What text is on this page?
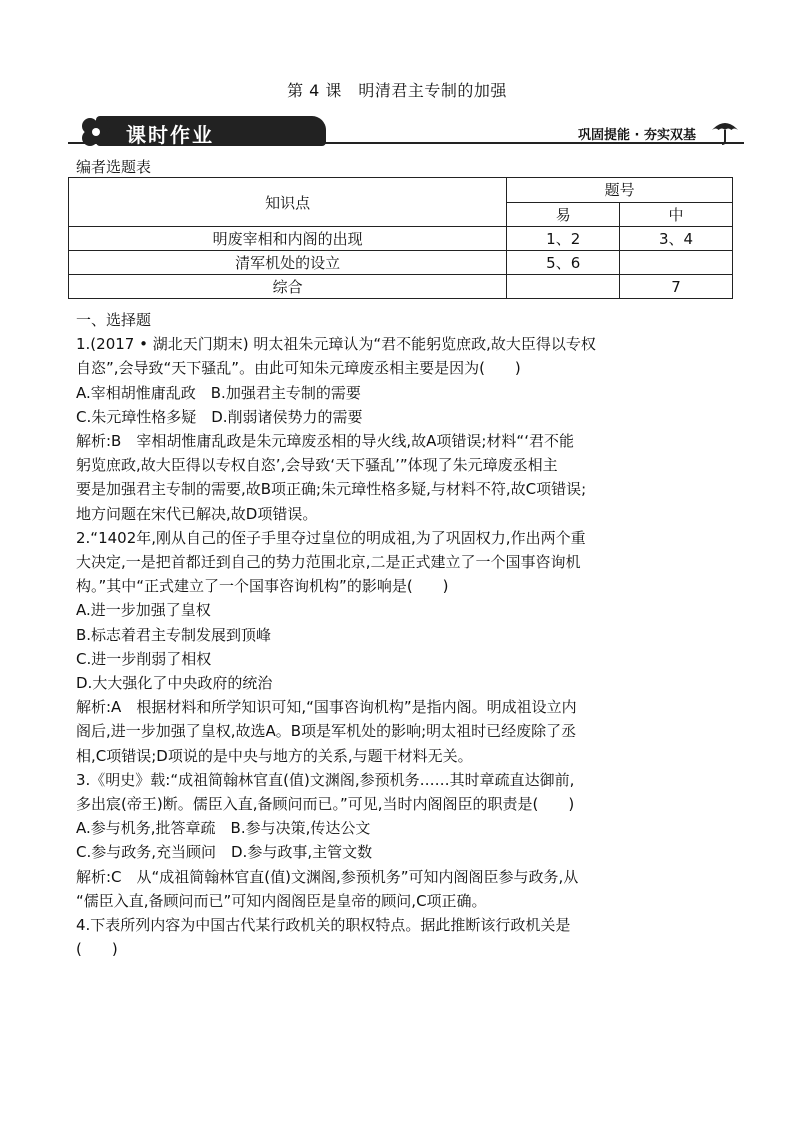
第 4 课　明清君主专制的加强
课时作业	巩固提能 · 夯实双基
编者选题表
知识点	题号	
	易	中
明废宰相和内阁的出现	1、2	3、4
清军机处的设立	5、6	
综合		7

一、选择题

1.(2017 • 湖北天门期末) 明太祖朱元璋认为“君不能躬览庶政,故大臣得以专权

自恣”,会导致“天下骚乱”。由此可知朱元璋废丞相主要是因为(　　)

A.宰相胡惟庸乱政　B.加强君主专制的需要

C.朱元璋性格多疑　D.削弱诸侯势力的需要

解析:B　宰相胡惟庸乱政是朱元璋废丞相的导火线,故A项错误;材料“‘君不能

躬览庶政,故大臣得以专权自恣’,会导致‘天下骚乱’”体现了朱元璋废丞相主

要是加强君主专制的需要,故B项正确;朱元璋性格多疑,与材料不符,故C项错误;

地方问题在宋代已解决,故D项错误。

2.“1402年,刚从自己的侄子手里夺过皇位的明成祖,为了巩固权力,作出两个重

大决定,一是把首都迁到自己的势力范围北京,二是正式建立了一个国事咨询机

构。”其中“正式建立了一个国事咨询机构”的影响是(　　)

A.进一步加强了皇权

B.标志着君主专制发展到顶峰

C.进一步削弱了相权

D.大大强化了中央政府的统治

解析:A　根据材料和所学知识可知,“国事咨询机构”是指内阁。明成祖设立内

阁后,进一步加强了皇权,故选A。B项是军机处的影响;明太祖时已经废除了丞

相,C项错误;D项说的是中央与地方的关系,与题干材料无关。

3.《明史》载:“成祖简翰林官直(值)文渊阁,参预机务……其时章疏直达御前,

多出宸(帝王)断。儒臣入直,备顾问而已。”可见,当时内阁阁臣的职责是(　　)

A.参与机务,批答章疏　B.参与决策,传达公文

C.参与政务,充当顾问　D.参与政事,主管文数

解析:C　从“成祖简翰林官直(值)文渊阁,参预机务”可知内阁阁臣参与政务,从

“儒臣入直,备顾问而已”可知内阁阁臣是皇帝的顾问,C项正确。

4.下表所列内容为中国古代某行政机关的职权特点。据此推断该行政机关是

(　　)
